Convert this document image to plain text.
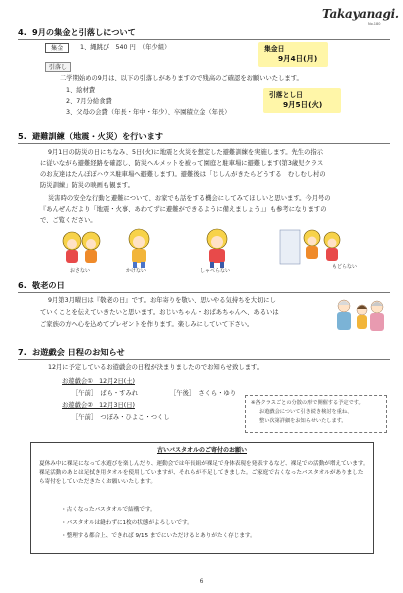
Takayanagi.
No.180
4. 9月の集金と引落しについて
集金	1、縄跳び　540 円　（年少組）
引落し
二学期始めの9月は、以下の引落しがありますので残高のご確認をお願いいたします。
1、絵材費
2、7月分給食費
3、父母の会費（年長・年中・年少）、卒園積立金（年長）
集金日
9月4日(月)
引落とし日
9月5日(火)
5. 避難訓練（地震・火災）を行います
9月1日の防災の日にちなみ、5日(火)に地震と火災を想定した避難訓練を実施します。先生の指示
に従いながら避難経路を確認し、防災ヘルメットを被って園庭と駐車場に避難します(第3歳児クラス
のお友達はたんぽぽハウス駐車場へ避難します)。避難後は「じしんがきたらどうする　むしむし村の
防災訓練」防災の映画も観ます。
災害時の安全な行動と避難について、お家でも話をする機会にしてみてほしいと思います。今月号の
『あんぜんだより「地震・火事、あわてずに避難ができるように備えましょう」』も参考になりますの
で、ご覧ください。
おさない	かけない	しゃべらない
もどらない
6. 敬老の日
9月第3月曜日は『敬老の日』です。お年寄りを敬い、思いやる気持ちを大切にし
ていくことを伝えていきたいと思います。おじいちゃん・おばあちゃんへ、あるいは
ご家族の方へ心を込めてプレゼントを作ります。楽しみにしていて下さい。
7. お遊戯会 日程のお知らせ
12月に予定しているお遊戯会の日程が決まりましたのでお知らせ致します。
お遊戯会①　12月2日(土)
［午前］　ばら・すみれ	［午後］　さくら・ゆり
お遊戯会②　12月3日(日)
［午前］　つぼみ・ひよこ・つくし
※各クラスごとの分散の形で開催する予定です。
お遊戯会について引き続き検討を重ね、
整い次第詳細をお知らせいたします。
古いバスタオルのご寄付のお願い
夏休み中に裸足になって水遊びを楽しんだり、運動会では年長組が裸足で身体表現を発表するなど、裸足での活動が増えています。裸足活動のあとは足拭き用タオルを使用していますが、それらが不足してきました。ご家庭で古くなったバスタオルがありましたら寄付をしていただきたくお願いいたします。
・古くなったバスタオルで結構です。
・バスタオルは縫わずに1枚の状態がよろしいです。
・整理する都合上、できれば 9/15 までにいただけるとありがたく存じます。
6
